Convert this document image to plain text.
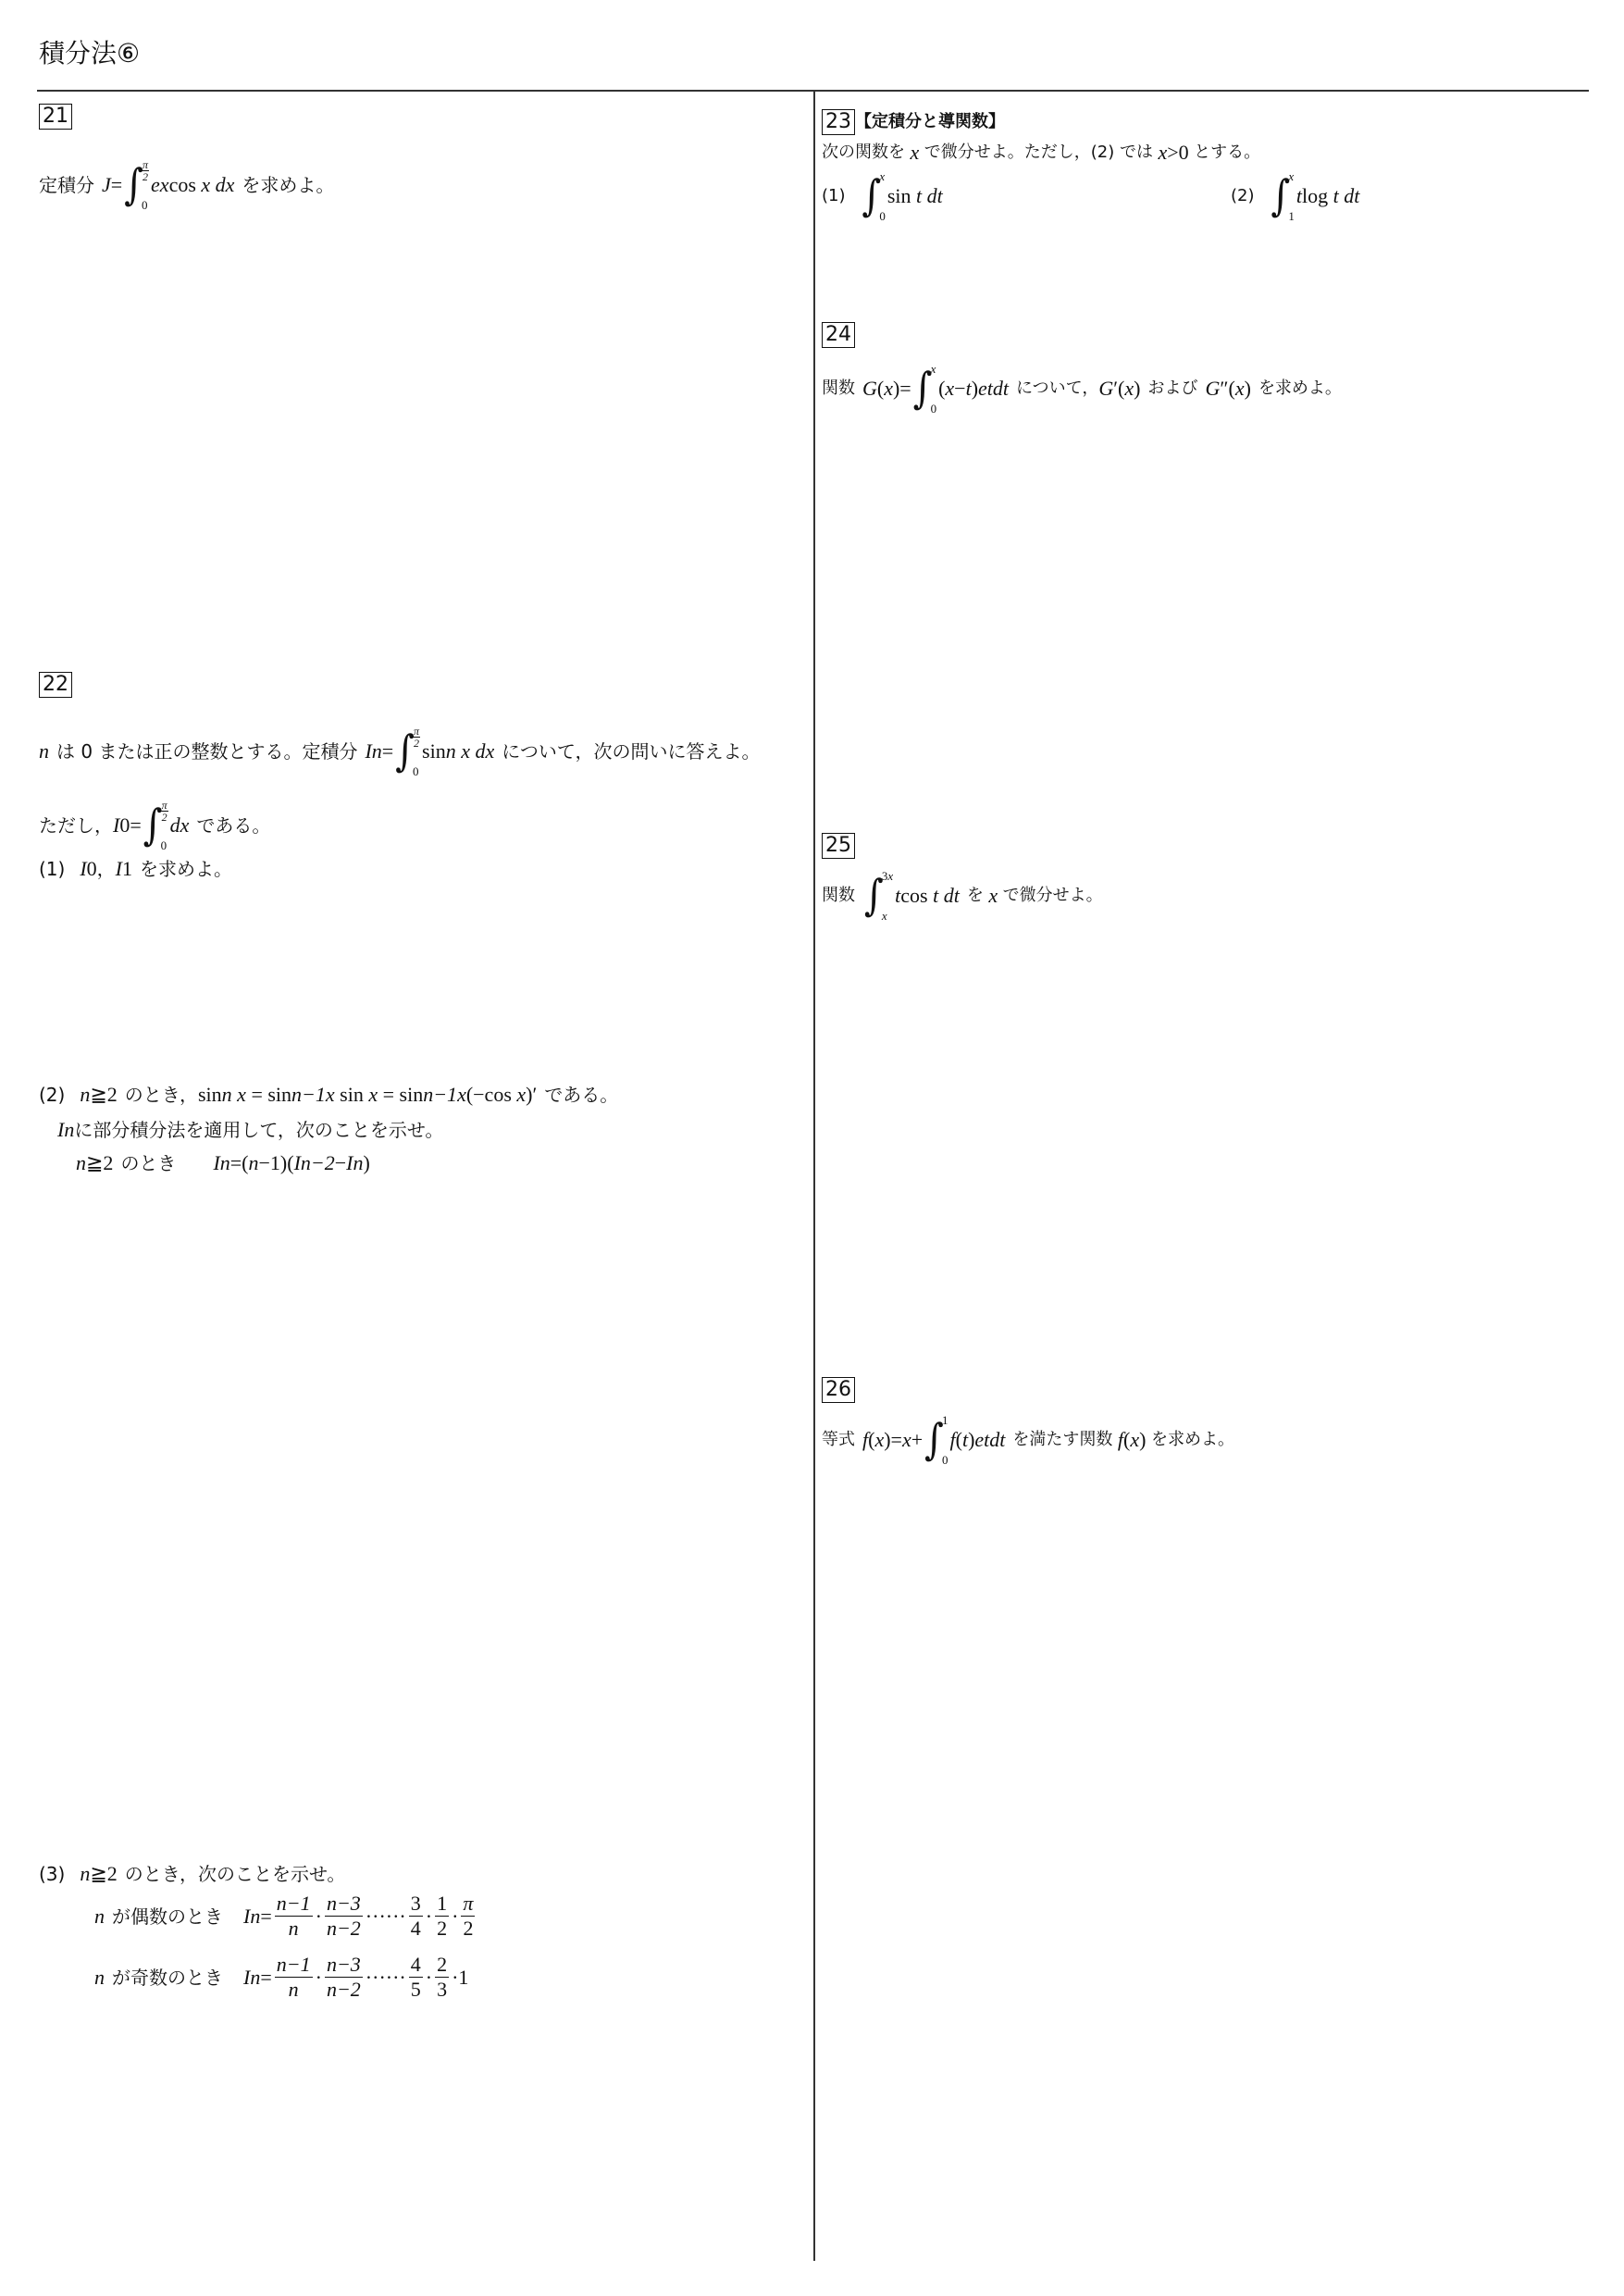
積分法⑥
21
定積分 J = ∫
π
2
0
e x cos x dx を求めよ。
22
n は 0 または正の整数とする。定積分 I n = ∫
π
2
0
sin n x dx について，次の問いに答えよ。
ただし， I 0 = ∫
π
2
0
dx である。
(1) I 0 ， I 1 を求めよ。
(2) n ≧2 のとき， sin n x = sin n−1 x sin x = sin n−1 x (−cos x ) ′ である。
I n に部分積分法を適用して，次のことを示せ。
n ≧2 のとき I n =( n −1)( I n−2 − I n )
(3) n ≧2 のとき，次のことを示せ。
n が偶数のとき I $n = \frac{n-1}{n} \cdot \frac{n-3}{n-2}$ ······ $\frac{3}{4} \cdot \frac{1}{2} \cdot \frac{\pi}{2}$
n が奇数のとき I $n = \frac{n-1}{n} \cdot \frac{n-3}{n-2}$ ······ $\frac{4}{5} \cdot \frac{2}{3} \cdot 1$
23 【定積分と導関数】
次の関数を x で微分せよ。ただし，(2) では x >0 とする。
(1) ∫
x
0
sin t dt	(2) ∫
x
1
t log t dt
24
関数 G ( x )= ∫
x
0
( x − t ) e t dt について， G ′ ( x ) および G ″ ( x ) を求めよ。
25
関数 ∫
3x
x
t cos t dt を x で微分せよ。
26
等式 f ( x )= x + ∫
1
0
f ( t ) e t dt を満たす関数 f ( x ) を求めよ。
